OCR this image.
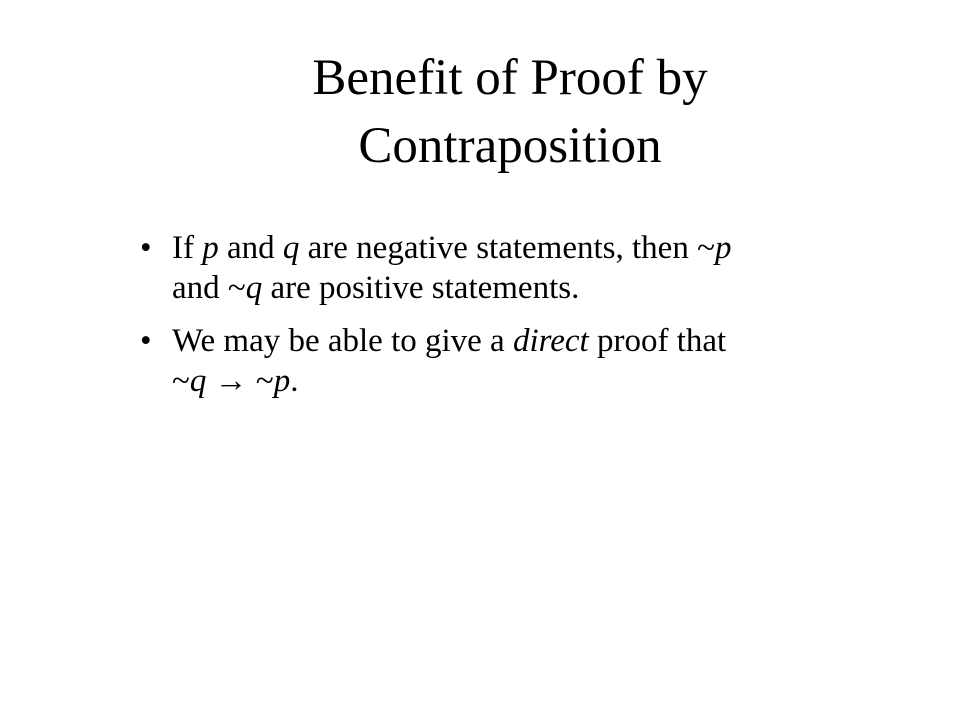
Benefit of Proof by
Contraposition
• If p and q are negative statements, then ~p
and ~q are positive statements.
• We may be able to give a direct proof that
~q → ~p.
